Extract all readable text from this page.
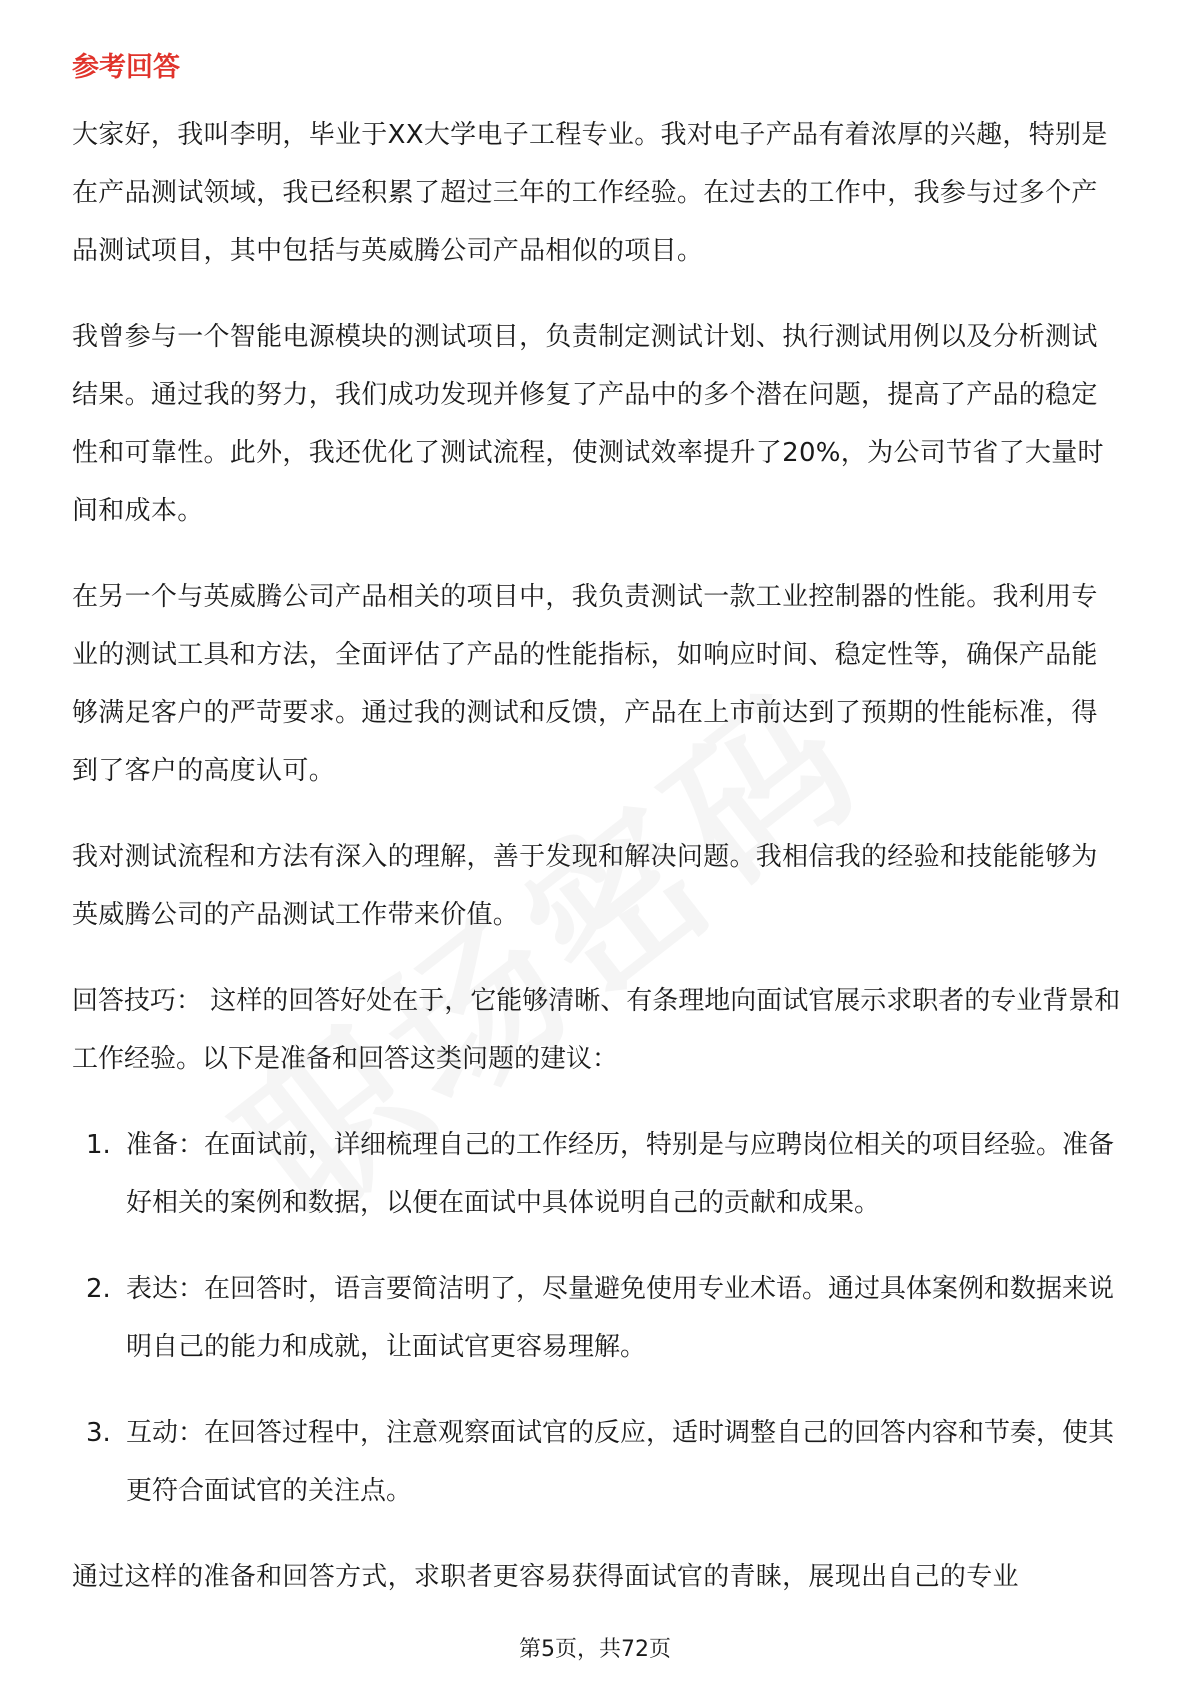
参考回答

大家好，我叫李明，毕业于XX大学电子工程专业。我对电子产品有着浓厚的兴趣，特别是在产品测试领域，我已经积累了超过三年的工作经验。在过去的工作中，我参与过多个产品测试项目，其中包括与英威腾公司产品相似的项目。

我曾参与一个智能电源模块的测试项目，负责制定测试计划、执行测试用例以及分析测试结果。通过我的努力，我们成功发现并修复了产品中的多个潜在问题，提高了产品的稳定性和可靠性。此外，我还优化了测试流程，使测试效率提升了20%，为公司节省了大量时间和成本。

在另一个与英威腾公司产品相关的项目中，我负责测试一款工业控制器的性能。我利用专业的测试工具和方法，全面评估了产品的性能指标，如响应时间、稳定性等，确保产品能够满足客户的严苛要求。通过我的测试和反馈，产品在上市前达到了预期的性能标准，得到了客户的高度认可。

我对测试流程和方法有深入的理解，善于发现和解决问题。我相信我的经验和技能能够为英威腾公司的产品测试工作带来价值。

回答技巧： 这样的回答好处在于，它能够清晰、有条理地向面试官展示求职者的专业背景和工作经验。以下是准备和回答这类问题的建议：

1. 准备：在面试前，详细梳理自己的工作经历，特别是与应聘岗位相关的项目经验。准备好相关的案例和数据，以便在面试中具体说明自己的贡献和成果。
2. 表达：在回答时，语言要简洁明了，尽量避免使用专业术语。通过具体案例和数据来说明自己的能力和成就，让面试官更容易理解。
3. 互动：在回答过程中，注意观察面试官的反应，适时调整自己的回答内容和节奏，使其更符合面试官的关注点。

通过这样的准备和回答方式，求职者更容易获得面试官的青睐，展现出自己的专业

第5页，共72页
